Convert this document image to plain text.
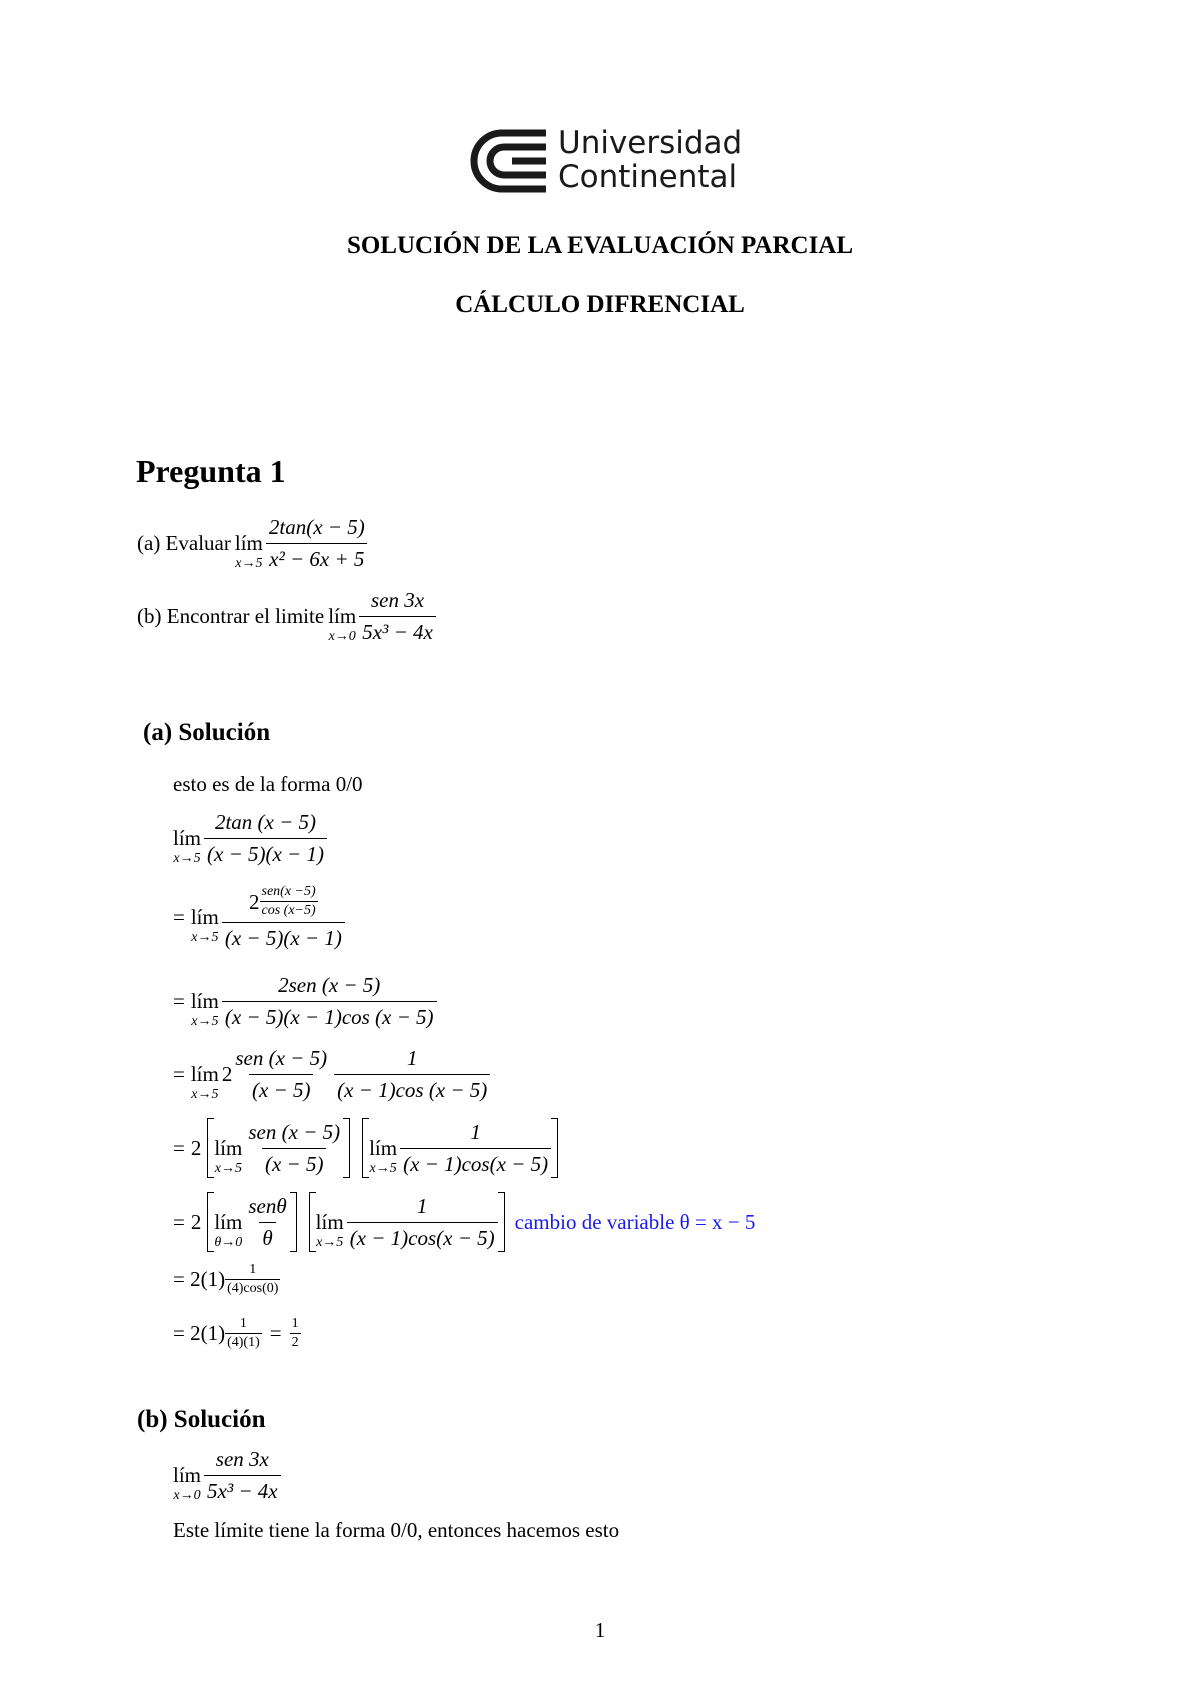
Universidad
Continental
SOLUCIÓN DE LA EVALUACIÓN PARCIAL
CÁLCULO DIFRENCIAL
Pregunta 1
(a) Evaluar lím
$x\to 5 \frac{2\tan(x - 5)}{\text{x² − 6x + 5}}$
(b) Encontrar el limite lím
$x\to 0 \frac{\text{sen 3x}}{\text{5x³ − 4x}}$
(a) Solución
esto es de la forma 0/0
lím
$x\to 5 \frac{2\tan (x - 5)}{(x - 5)(x - 1)}$
= lím
$x\to 5 \frac{2 \frac{\text{sen(x −5)}}{\cos (x-5)}}{(x - 5)(x - 1)}$
= lím
$x\to 5 \frac{\text{2sen (x − 5)}}{(x - 5)(x - 1)\cos (x - 5)}$
= lím
x→5
$2 \frac{\text{sen (x − 5)}}{(x - 5)} \frac{1}{(x - 1)\cos (x - 5)}$
= 2 lím
$x\to 5 \frac{\text{sen (x − 5)}}{(x - 5)}$ lím
$x\to 5 \frac{1}{(x - 1)\cos(x - 5)}$
= 2 lím
$\theta\to 0 \frac{\text{senθ}}{\theta}$ lím
$x\to 5 \frac{1}{(x - 1)\cos(x - 5)}$ cambio de variable θ = x − 5
= $2(1) \frac{1}{(4)\cos(0)}$
= $2(1) \frac{1}{(4)(1)} = \frac{1}{2}$
(b) Solución
lím
$x\to 0 \frac{\text{sen 3x}}{\text{5x³ − 4x}}$
Este límite tiene la forma 0/0, entonces hacemos esto
1
